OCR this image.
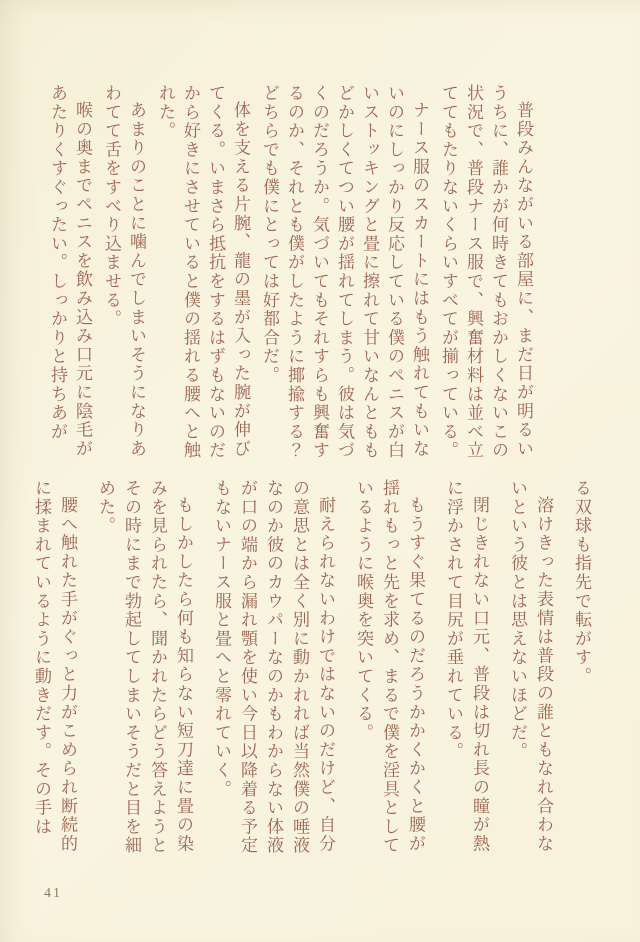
普段みんながいる部屋に、まだ日が明るいうちに、誰かが何時きてもおかしくないこの状況で、普段ナース服で、興奮材料は並べ立ててもたりないくらいすべてが揃っている。

ナース服のスカートにはもう触れてもいないのにしっかり反応している僕のペニスが白いストッキングと畳に擦れて甘いなんとももどかしくてつい腰が揺れてしまう。彼は気づくのだろうか。気づいてもそれすらも興奮するのか、それとも僕がしたように揶揄する？　どちらでも僕にとっては好都合だ。

体を支える片腕、龍の墨が入った腕が伸びてくる。いまさら抵抗をするはずもないのだから好きにさせていると僕の揺れる腰へと触れた。

あまりのことに噛んでしまいそうになりあわてて舌をすべり込ませる。

喉の奥までペニスを飲み込み口元に陰毛があたりくすぐったい。しっかりと持ちあが

る双球も指先で転がす。

溶けきった表情は普段の誰ともなれ合わないという彼とは思えないほどだ。

閉じきれない口元、普段は切れ長の瞳が熱に浮かされて目尻が垂れている。

もうすぐ果てるのだろうかかくかくと腰が揺れもっと先を求め、まるで僕を淫具としているように喉奥を突いてくる。

耐えられないわけではないのだけど、自分の意思とは全く別に動かれれば当然僕の唾液なのか彼のカウパーなのかもわからない体液が口の端から漏れ顎を使い今日以降着る予定もないナース服と畳へと零れていく。

もしかしたら何も知らない短刀達に畳の染みを見られたら、聞かれたらどう答えようとその時にまで勃起してしまいそうだと目を細めた。

腰へ触れた手がぐっと力がこめられ断続的に揉まれているように動きだす。その手は

41
